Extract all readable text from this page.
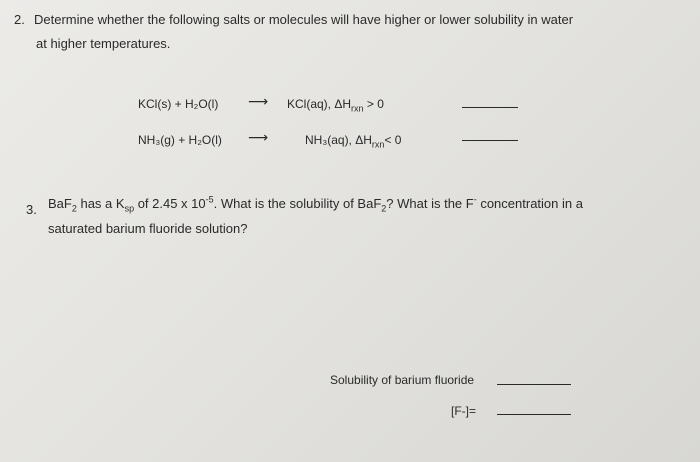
2. Determine whether the following salts or molecules will have higher or lower solubility in water
at higher temperatures.
KCl(s) + H₂O(l) ⟶ KCl(aq), $\Delta H_{rxn} > 0$
NH₃(g) + H₂O(l) ⟶	NH₃(aq), $\Delta H_{rxn}< 0$
3. BaF$_2$ has a $K_{sp}$ of 2.45 x $10^{-5}$. What is the solubility of BaF$_2$? What is the F- concentration in a
saturated barium fluoride solution?
Solubility of barium fluoride
[F-]=
